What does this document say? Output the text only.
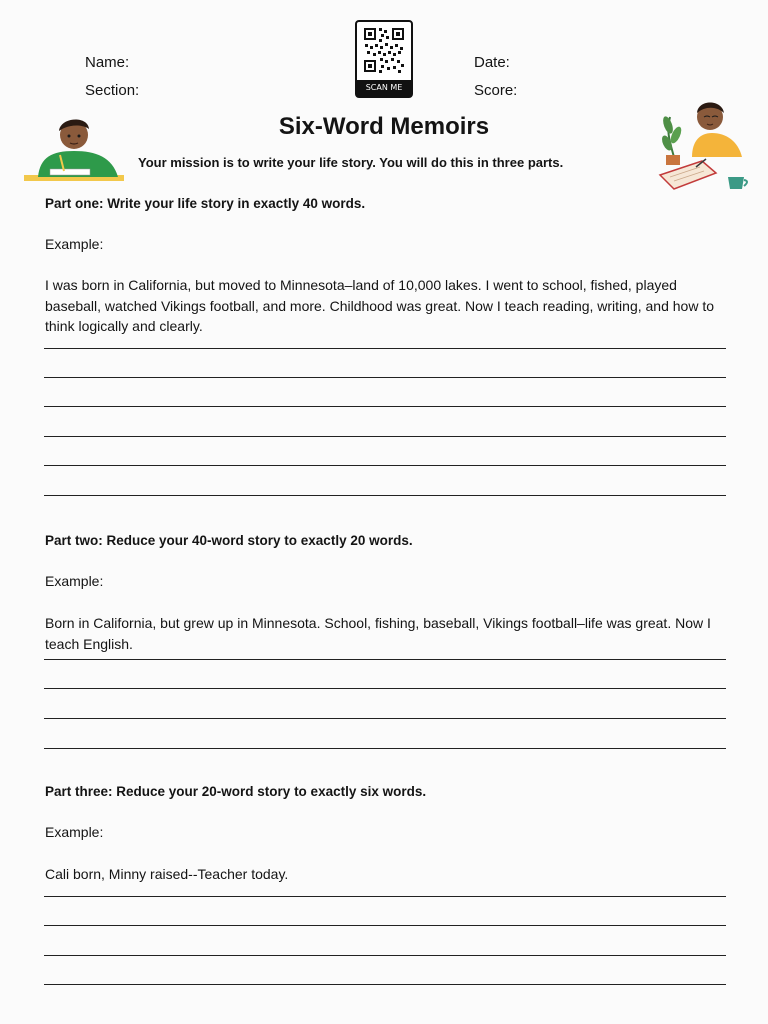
Name:
Section:
Date:
Score:
SCAN ME
Six-Word Memoirs
Your mission is to write your life story. You will do this in three parts.
Part one: Write your life story in exactly 40 words.
Example:
I was born in California, but moved to Minnesota–land of 10,000 lakes. I went to school, fished, played baseball, watched Vikings football, and more. Childhood was great. Now I teach reading, writing, and how to think logically and clearly.
Part two: Reduce your 40-word story to exactly 20 words.
Example:
Born in California, but grew up in Minnesota. School, fishing, baseball, Vikings football–life was great. Now I teach English.
Part three: Reduce your 20-word story to exactly six words.
Example:
Cali born, Minny raised--Teacher today.
